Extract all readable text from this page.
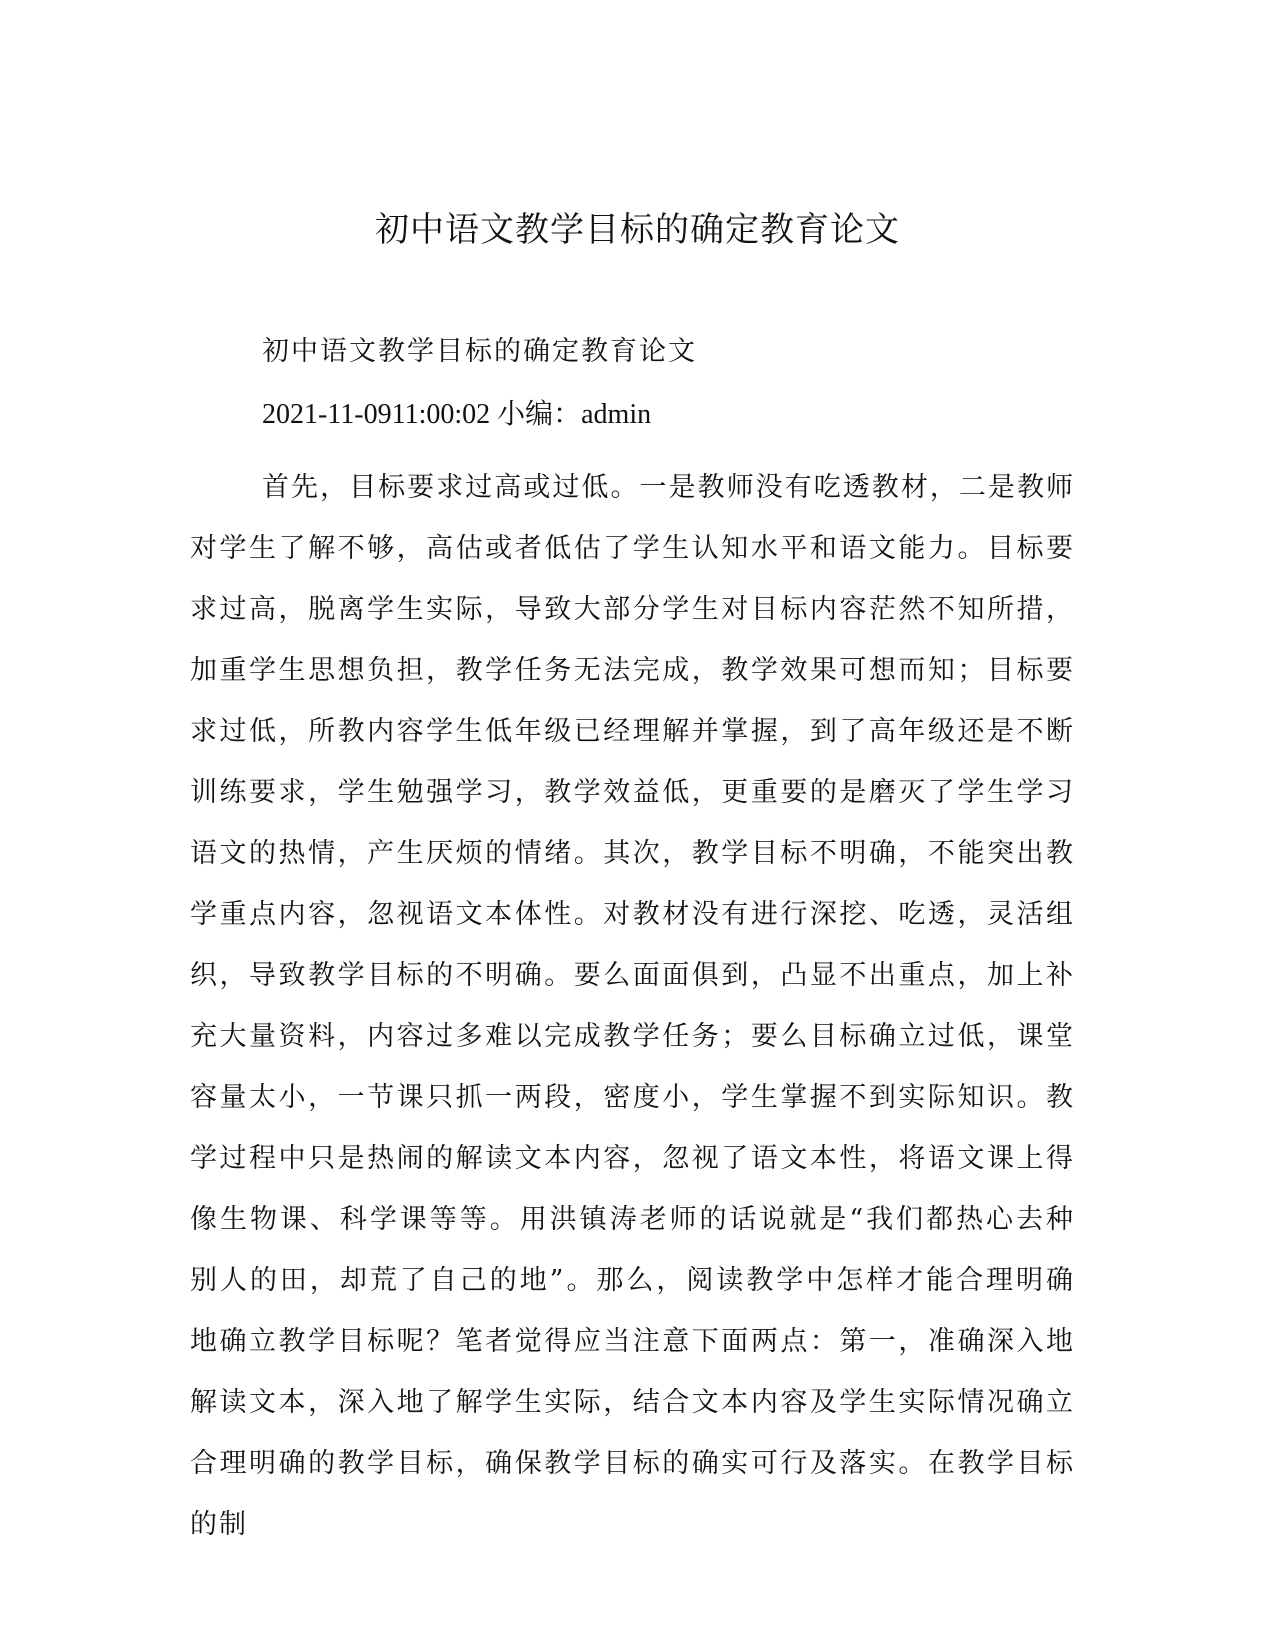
初中语文教学目标的确定教育论文

初中语文教学目标的确定教育论文

2021-11-0911:00:02 小编：admin

首先，目标要求过高或过低。一是教师没有吃透教材，二是教师对学生了解不够，高估或者低估了学生认知水平和语文能力。目标要求过高，脱离学生实际，导致大部分学生对目标内容茫然不知所措，加重学生思想负担，教学任务无法完成，教学效果可想而知；目标要求过低，所教内容学生低年级已经理解并掌握，到了高年级还是不断训练要求，学生勉强学习，教学效益低，更重要的是磨灭了学生学习语文的热情，产生厌烦的情绪。其次，教学目标不明确，不能突出教学重点内容，忽视语文本体性。对教材没有进行深挖、吃透，灵活组织，导致教学目标的不明确。要么面面俱到，凸显不出重点，加上补充大量资料，内容过多难以完成教学任务；要么目标确立过低，课堂容量太小，一节课只抓一两段，密度小，学生掌握不到实际知识。教学过程中只是热闹的解读文本内容，忽视了语文本性，将语文课上得像生物课、科学课等等。用洪镇涛老师的话说就是“我们都热心去种别人的田，却荒了自己的地”。那么，阅读教学中怎样才能合理明确地确立教学目标呢？笔者觉得应当注意下面两点：第一，准确深入地解读文本，深入地了解学生实际，结合文本内容及学生实际情况确立合理明确的教学目标，确保教学目标的确实可行及落实。在教学目标的制
